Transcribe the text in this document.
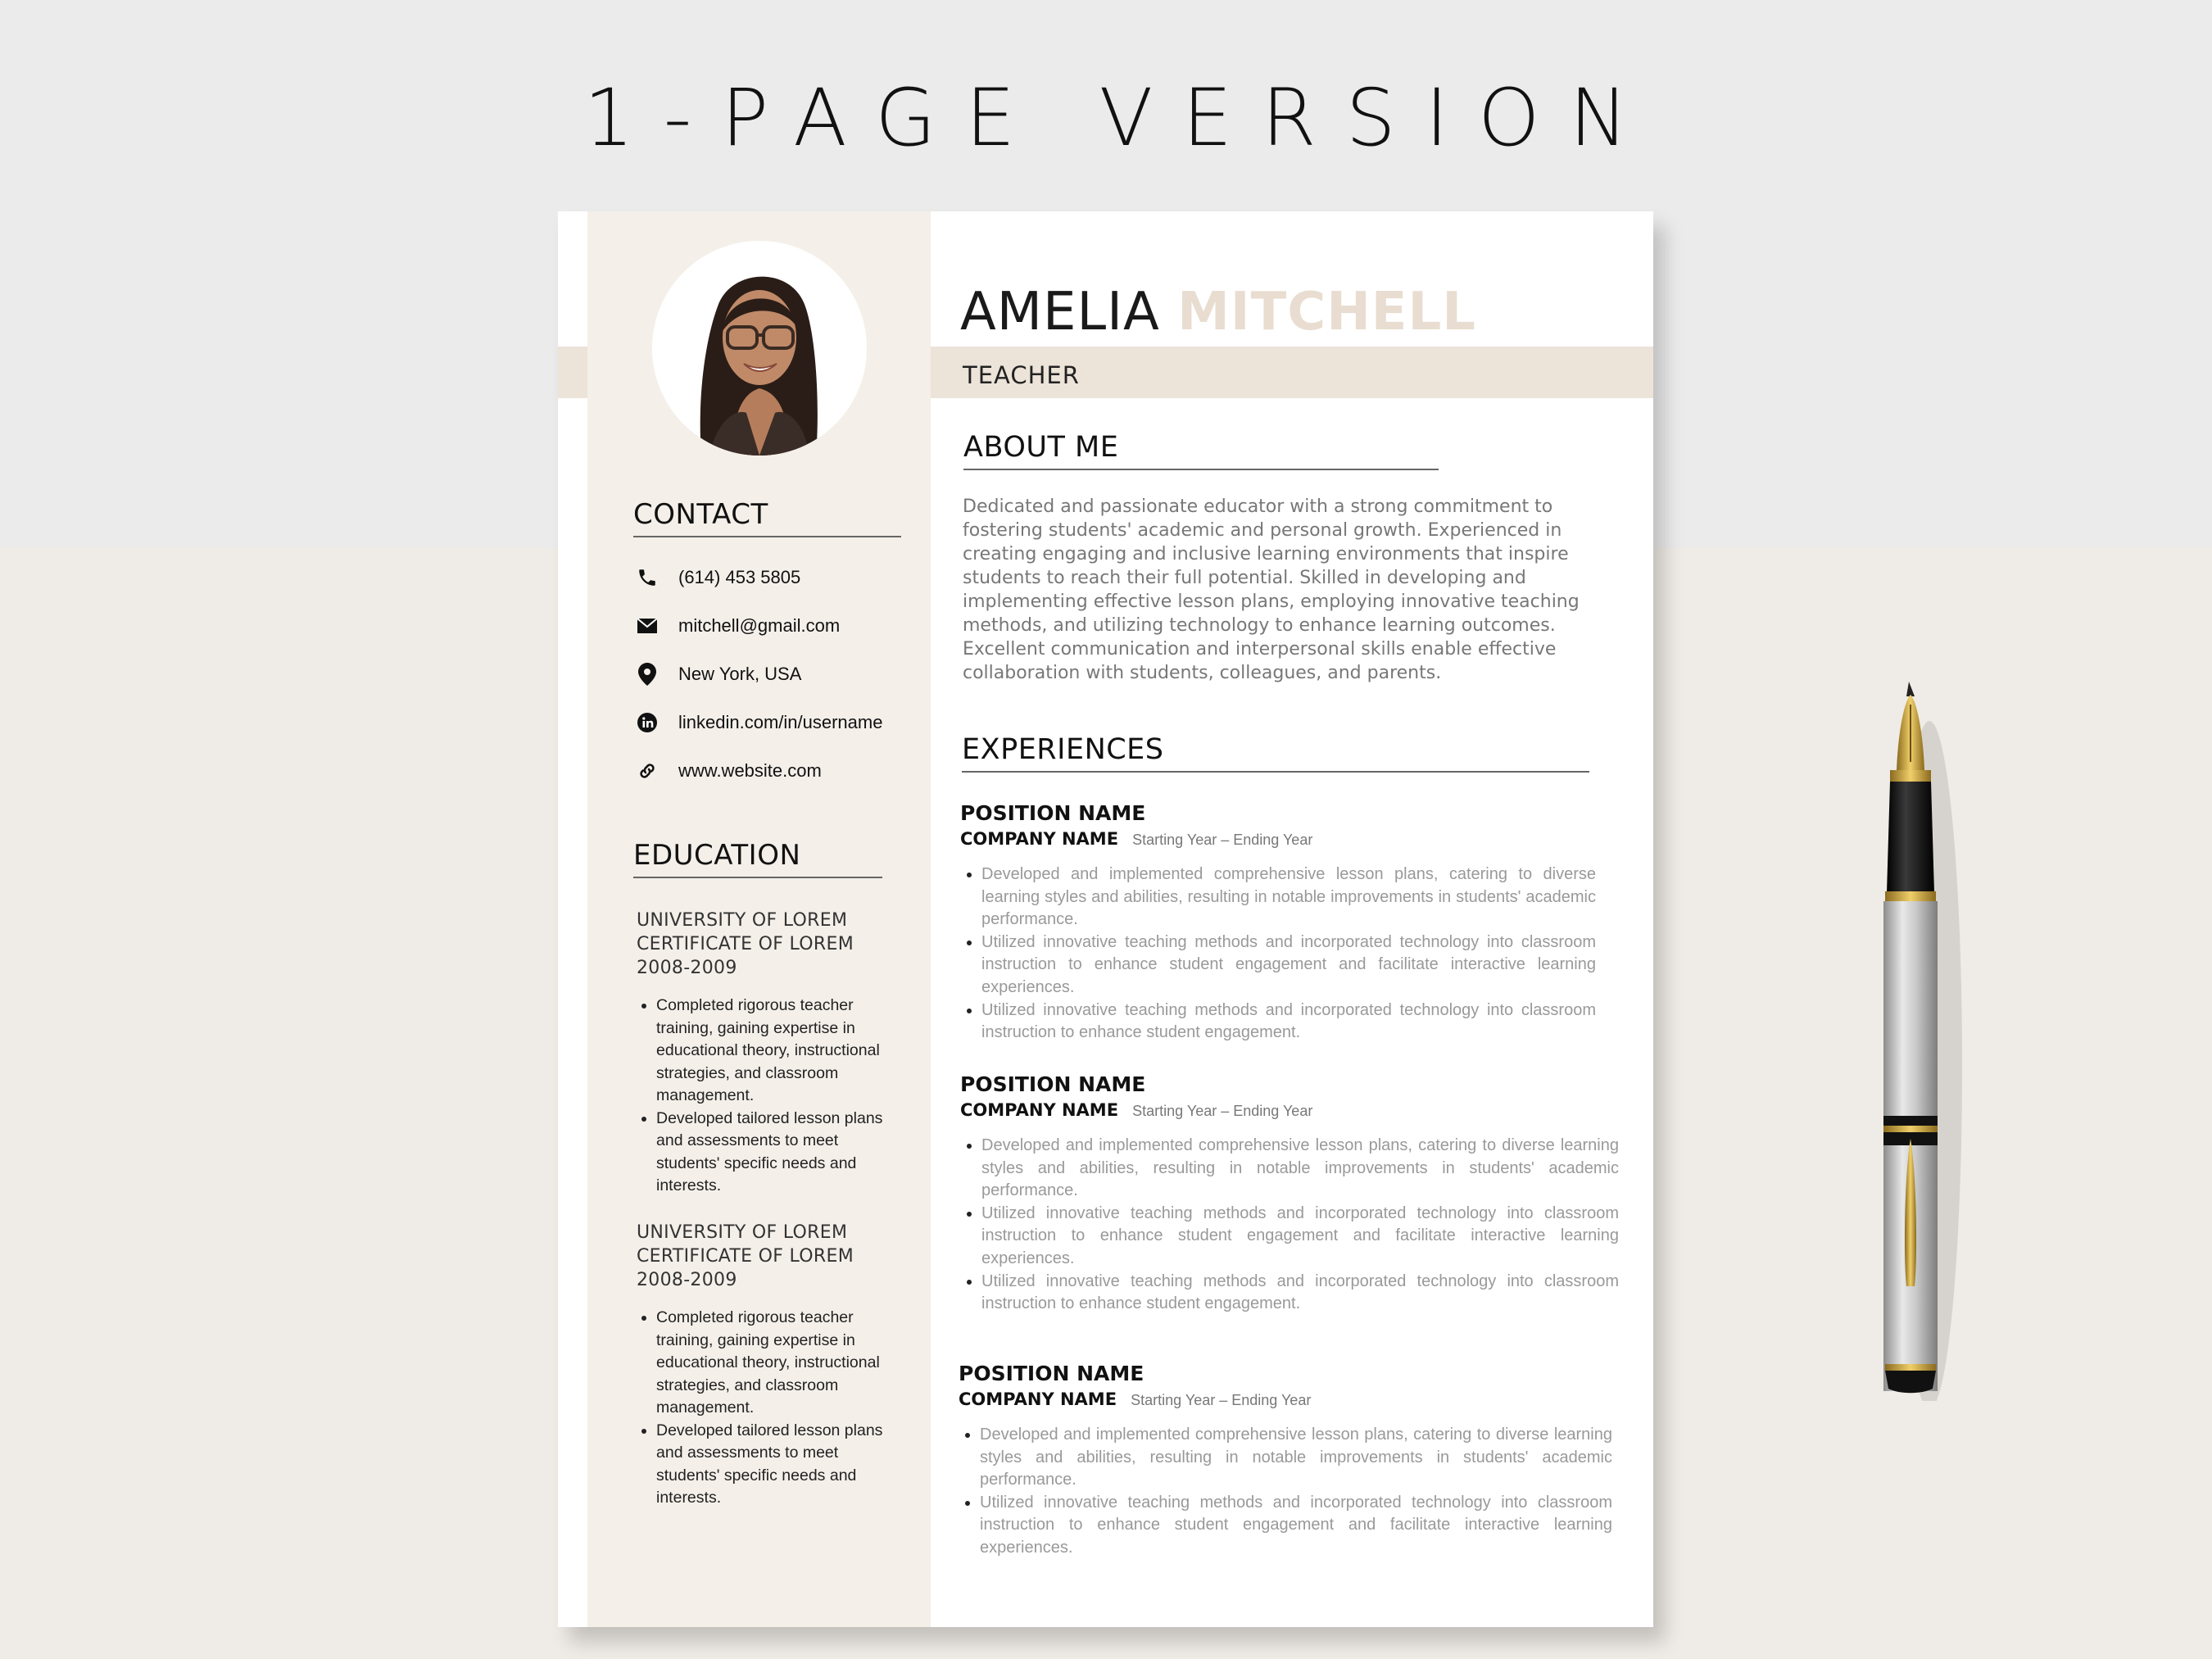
1-PAGE VERSION
AMELIA MITCHELL
TEACHER
ABOUT ME
Dedicated and passionate educator with a strong commitment to fostering students' academic and personal growth. Experienced in creating engaging and inclusive learning environments that inspire students to reach their full potential. Skilled in developing and implementing effective lesson plans, employing innovative teaching methods, and utilizing technology to enhance learning outcomes. Excellent communication and interpersonal skills enable effective collaboration with students, colleagues, and parents.
CONTACT
(614) 453 5805
mitchell@gmail.com
New York, USA
linkedin.com/in/username
www.website.com
EDUCATION
UNIVERSITY OF LOREM
CERTIFICATE OF LOREM
2008-2009
• Completed rigorous teacher training, gaining expertise in educational theory, instructional strategies, and classroom management.
• Developed tailored lesson plans and assessments to meet students' specific needs and interests.
UNIVERSITY OF LOREM
CERTIFICATE OF LOREM
2008-2009
• Completed rigorous teacher training, gaining expertise in educational theory, instructional strategies, and classroom management.
• Developed tailored lesson plans and assessments to meet students' specific needs and interests.
EXPERIENCES
POSITION NAME
COMPANY NAME Starting Year – Ending Year
• Developed and implemented comprehensive lesson plans, catering to diverse learning styles and abilities, resulting in notable improvements in students' academic performance.
• Utilized innovative teaching methods and incorporated technology into classroom instruction to enhance student engagement and facilitate interactive learning experiences.
• Utilized innovative teaching methods and incorporated technology into classroom instruction to enhance student engagement.
POSITION NAME
COMPANY NAME Starting Year – Ending Year
• Developed and implemented comprehensive lesson plans, catering to diverse learning styles and abilities, resulting in notable improvements in students' academic performance.
• Utilized innovative teaching methods and incorporated technology into classroom instruction to enhance student engagement and facilitate interactive learning experiences.
• Utilized innovative teaching methods and incorporated technology into classroom instruction to enhance student engagement.
POSITION NAME
COMPANY NAME Starting Year – Ending Year
• Developed and implemented comprehensive lesson plans, catering to diverse learning styles and abilities, resulting in notable improvements in students' academic performance.
• Utilized innovative teaching methods and incorporated technology into classroom instruction to enhance student engagement and facilitate interactive learning experiences.
